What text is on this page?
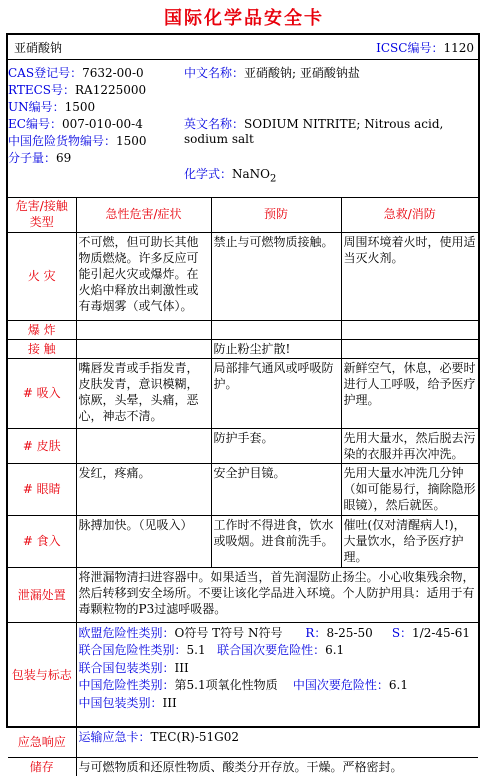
国际化学品安全卡
亚硝酸钠	ICSC编号：1120
CAS登记号：7632-00-0
RTECS号：RA1225000
UN编号：1500
EC编号：007-010-00-4
中国危险货物编号：1500
分子量：69
中文名称：亚硝酸钠; 亚硝酸钠盐
英文名称：SODIUM NITRITE; Nitrous acid,
sodium salt
化学式：NaNO$_2$
危害/接触类型	急性危害/症状	预防	急救/消防
火 灾	不可燃，但可助长其他物质燃烧。许多反应可能引起火灾或爆炸。在火焰中释放出刺激性或有毒烟雾（或气体）。	禁止与可燃物质接触。	周围环境着火时，使用适当灭火剂。
爆 炸			
接 触		防止粉尘扩散!	
# 吸入	嘴唇发青或手指发青，皮肤发青，意识模糊，惊厥，头晕，头痛，恶心，神志不清。	局部排气通风或呼吸防护。	新鲜空气，休息，必要时进行人工呼吸，给予医疗护理。
# 皮肤		防护手套。	先用大量水，然后脱去污染的衣服并再次冲洗。
# 眼睛	发红，疼痛。	安全护目镜。	先用大量水冲洗几分钟（如可能易行，摘除隐形眼镜），然后就医。
# 食入	脉搏加快。（见吸入）	工作时不得进食，饮水或吸烟。进食前洗手。	催吐(仅对清醒病人!)，大量饮水，给予医疗护理。
泄漏处置	将泄漏物清扫进容器中。如果适当，首先润湿防止扬尘。小心收集残余物，然后转移到安全场所。不要让该化学品进入环境。个人防护用具：适用于有毒颗粒物的P3过滤呼吸器。		
包装与标志	欧盟危险性类别：O符号 T符号 N符号 R：8-25-50 S：1/2-45-61
联合国危险性类别：5.1 联合国次要危险性：6.1
联合国包装类别：III
中国危险性类别：第5.1项氧化性物质 中国次要危险性：6.1
中国包装类别：III		

应急响应	运输应急卡：TEC(R)-51G02		
储存	与可燃物质和还原性物质、酸类分开存放。干燥。严格密封。		
